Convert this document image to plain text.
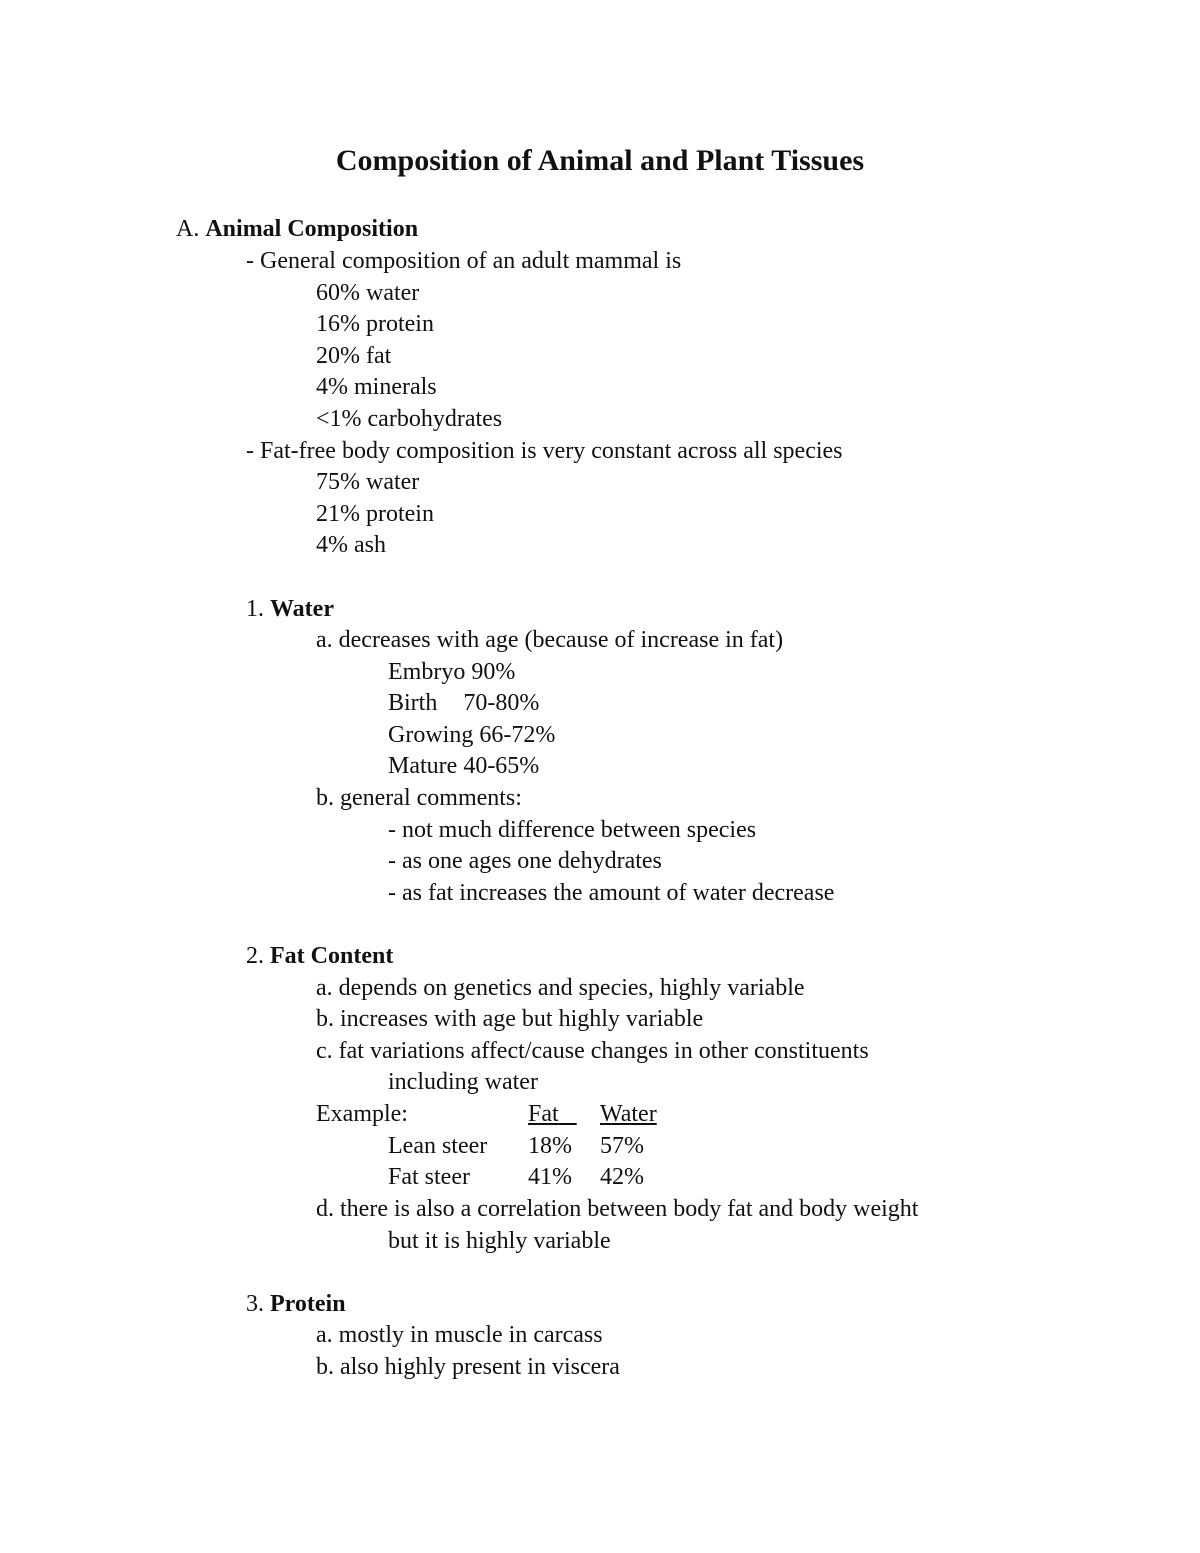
Composition of Animal and Plant Tissues
A. Animal Composition
- General composition of an adult mammal is
60% water
16% protein
20% fat
4% minerals
<1% carbohydrates
- Fat-free body composition is very constant across all species
75% water
21% protein
4% ash
1. Water
a. decreases with age (because of increase in fat)
Embryo 90%
Birth 70-80%
Growing 66-72%
Mature 40-65%
b. general comments:
- not much difference between species
- as one ages one dehydrates
- as fat increases the amount of water decrease
2. Fat Content
a. depends on genetics and species, highly variable
b. increases with age but highly variable
c. fat variations affect/cause changes in other constituents
including water
Example:	Fat	Water
Lean steer 18% 57%
Fat steer 41% 42%
d. there is also a correlation between body fat and body weight
but it is highly variable
3. Protein
a. mostly in muscle in carcass
b. also highly present in viscera
